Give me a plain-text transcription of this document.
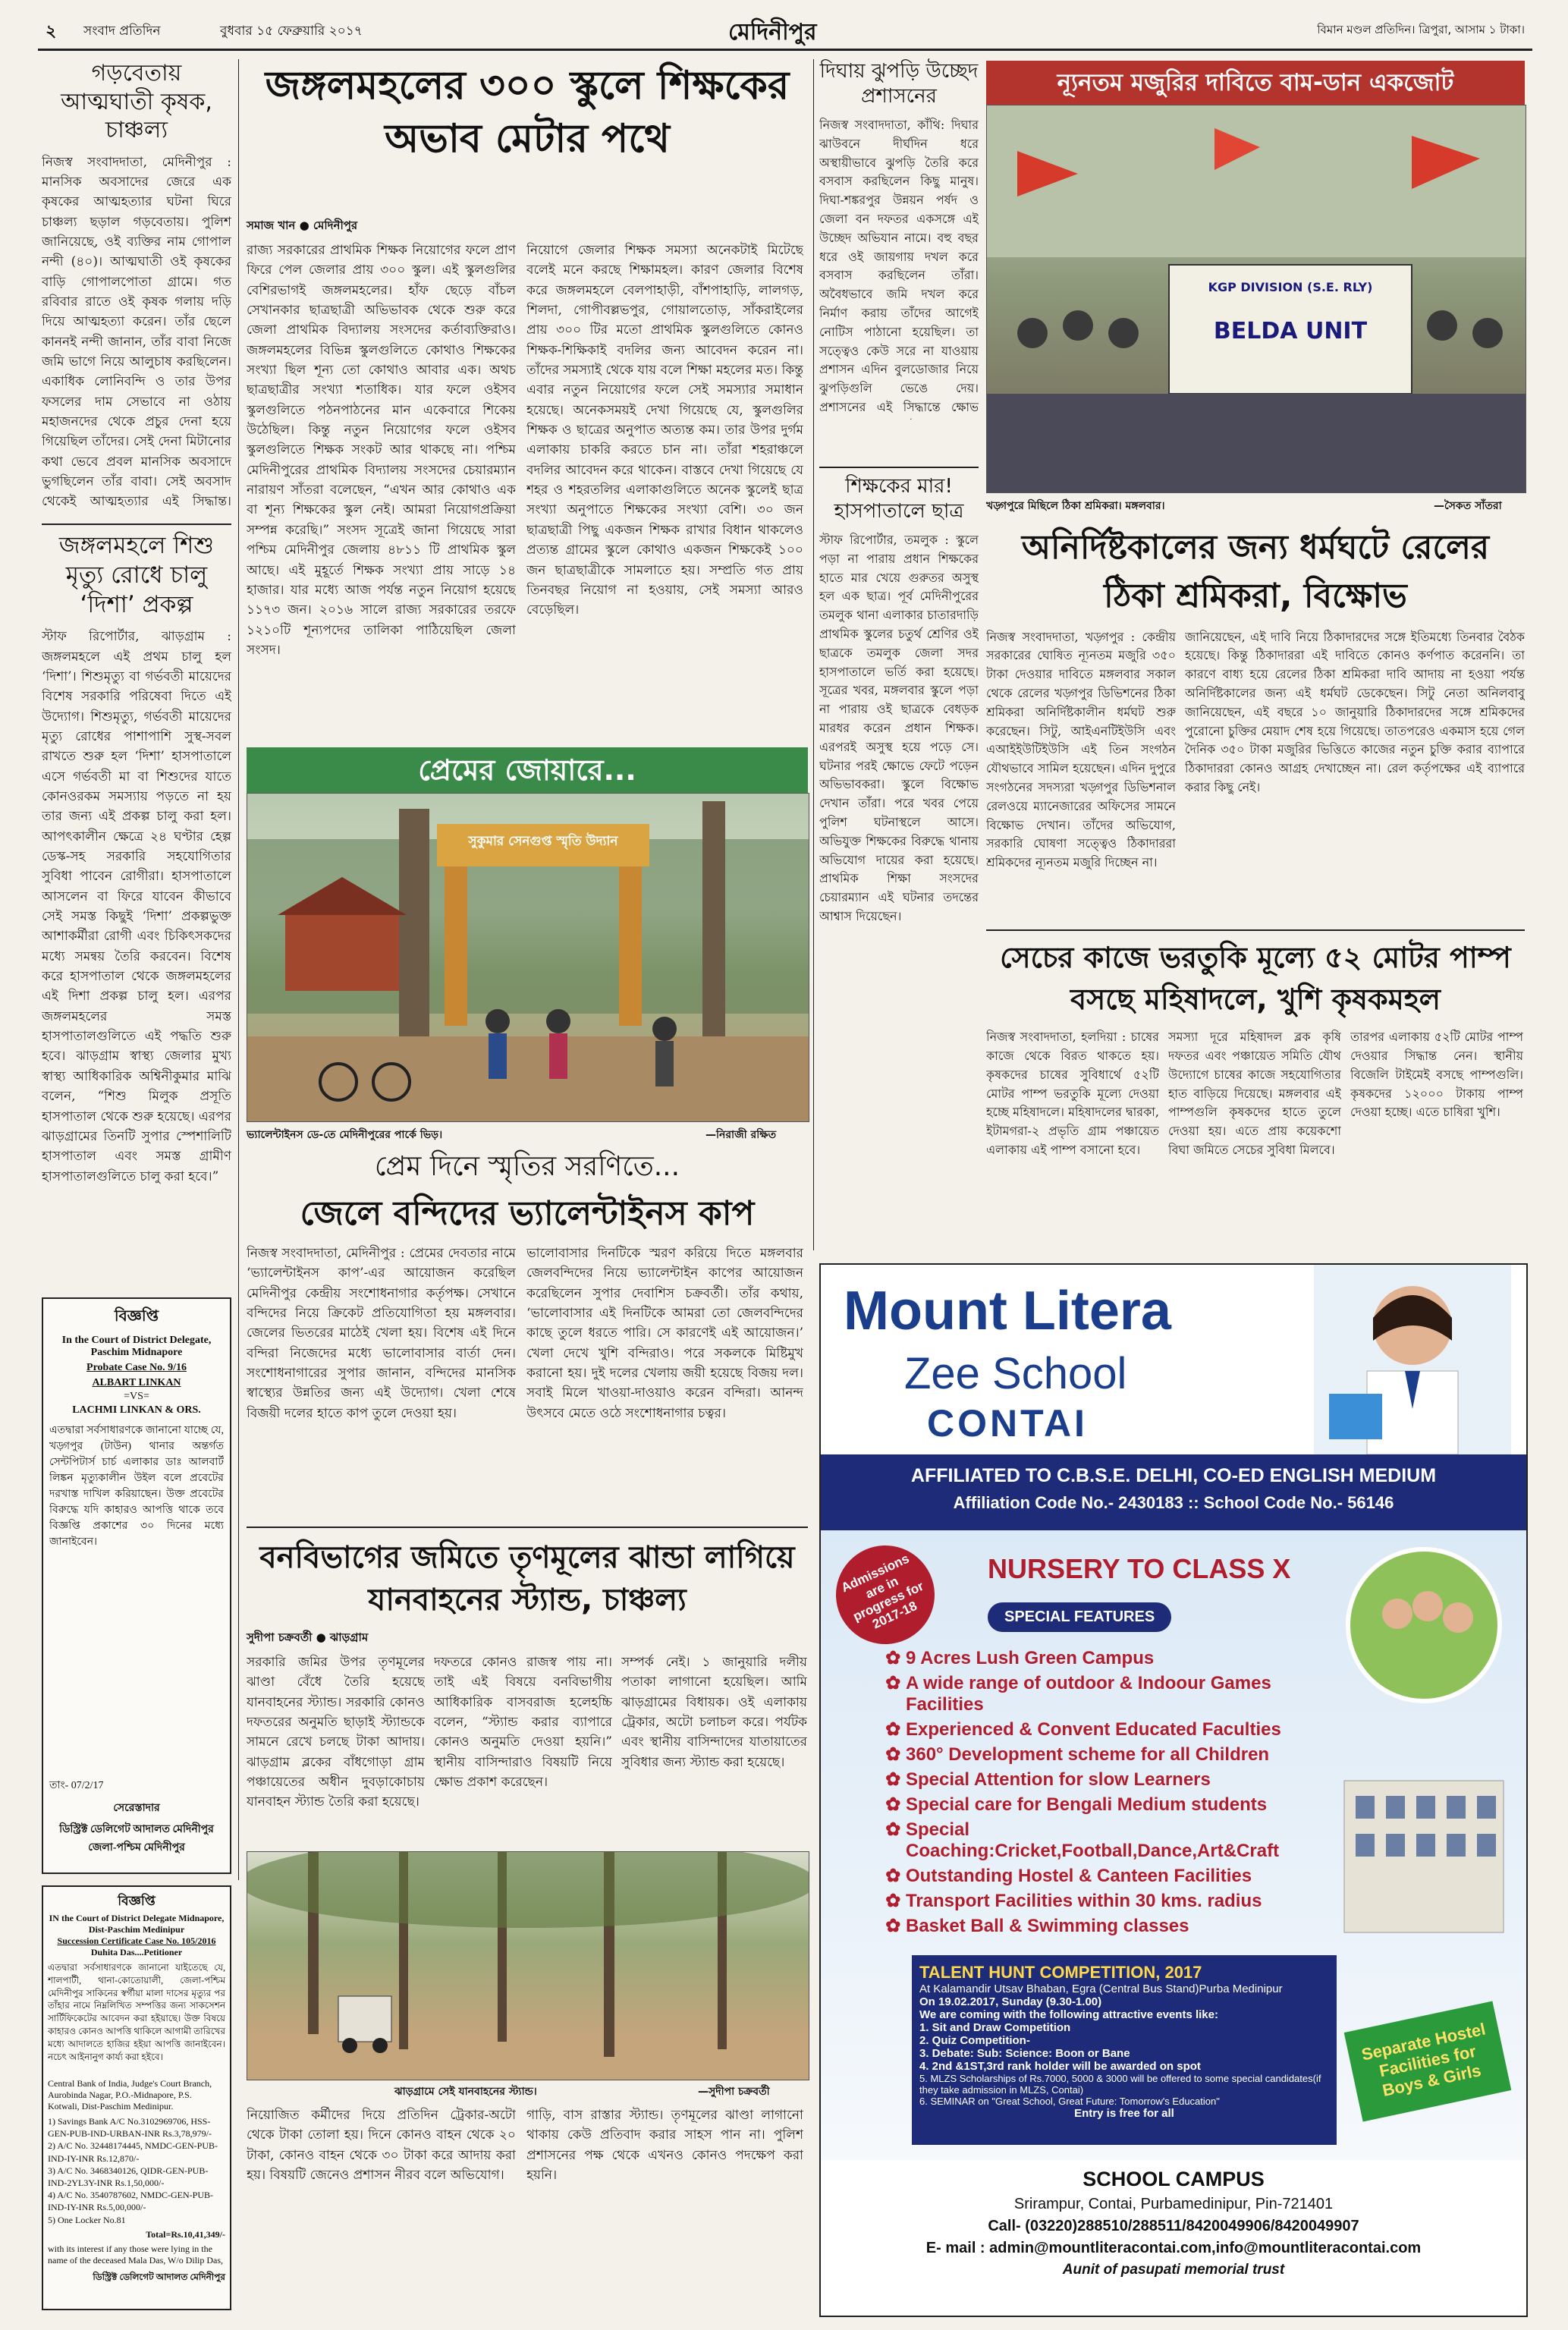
২ সংবাদ প্রতিদিন	বুধবার ১৫ ফেব্রুয়ারি ২০১৭	মেদিনীপুর	বিমান মণ্ডল প্রতিদিন। ত্রিপুরা, আসাম ১ টাকা।
গড়বেতায় আত্মঘাতী কৃষক, চাঞ্চল্য
নিজস্ব সংবাদদাতা, মেদিনীপুর : মানসিক অবসাদের জেরে এক কৃষকের আত্মহত্যার ঘটনা ঘিরে চাঞ্চল্য ছড়াল গড়বেতায়। পুলিশ জানিয়েছে, ওই ব্যক্তির নাম গোপাল নন্দী (৪০)। আত্মঘাতী ওই কৃষকের বাড়ি গোপালপোতা গ্রামে। গত রবিবার রাতে ওই কৃষক গলায় দড়ি দিয়ে আত্মহত্যা করেন। তাঁর ছেলে কাননই নন্দী জানান, তাঁর বাবা নিজে জমি ভাগে নিয়ে আলুচাষ করছিলেন। একাধিক লোনিবন্দি ও তার উপর ফসলের দাম সেভাবে না ওঠায় মহাজনদের থেকে প্রচুর দেনা হয়ে গিয়েছিল তাঁদের। সেই দেনা মিটানোর কথা ভেবে প্রবল মানসিক অবসাদে ভুগছিলেন তাঁর বাবা। সেই অবসাদ থেকেই আত্মহত্যার এই সিদ্ধান্ত।
জঙ্গলমহলে শিশু মৃত্যু রোধে চালু ‘দিশা’ প্রকল্প
স্টাফ রিপোর্টার, ঝাড়গ্রাম : জঙ্গলমহলে এই প্রথম চালু হল ‘দিশা’। শিশুমৃত্যু বা গর্ভবতী মায়েদের বিশেষ সরকারি পরিষেবা দিতে এই উদ্যোগ। শিশুমৃত্যু, গর্ভবতী মায়েদের মৃত্যু রোধের পাশাপাশি সুস্থ-সবল রাখতে শুরু হল ‘দিশা’ হাসপাতালে এসে গর্ভবতী মা বা শিশুদের যাতে কোনওরকম সমস্যায় পড়তে না হয় তার জন্য এই প্রকল্প চালু করা হল। আপৎকালীন ক্ষেত্রে ২৪ ঘণ্টার হেল্প ডেস্ক-সহ সরকারি সহযোগিতার সুবিধা পাবেন রোগীরা। হাসপাতালে আসলেন বা ফিরে যাবেন কীভাবে সেই সমস্ত কিছুই ‘দিশা’ প্রকল্পভুক্ত আশাকর্মীরা রোগী এবং চিকিৎসকদের মধ্যে সমন্বয় তৈরি করবেন। বিশেষ করে হাসপাতাল থেকে জঙ্গলমহলের এই দিশা প্রকল্প চালু হল। এরপর জঙ্গলমহলের সমস্ত হাসপাতালগুলিতে এই পদ্ধতি শুরু হবে। ঝাড়গ্রাম স্বাস্থ্য জেলার মুখ্য স্বাস্থ্য আধিকারিক অশ্বিনীকুমার মাঝি বলেন, “শিশু মিলুক প্রসূতি হাসপাতাল থেকে শুরু হয়েছে। এরপর ঝাড়গ্রামের তিনটি সুপার স্পেশালিটি হাসপাতাল এবং সমস্ত গ্রামীণ হাসপাতালগুলিতে চালু করা হবে।”
বিজ্ঞপ্তি
In the Court of District Delegate, Paschim Midnapore
Probate Case No. 9/16
ALBART LINKAN
=VS=
LACHMI LINKAN & ORS.
এতদ্বারা সর্বসাধারণকে জানানো যাচ্ছে যে, খড়্গপুর (টাউন) থানার অন্তর্গত সেন্টপিটার্স চার্চ এলাকার ডাঃ আলবার্ট লিঙ্কন মৃত্যুকালীন উইল বলে প্রবেটের দরখাস্ত দাখিল করিয়াছেন। উক্ত প্রবেটের বিরুদ্ধে যদি কাহারও আপত্তি থাকে তবে বিজ্ঞপ্তি প্রকাশের ৩০ দিনের মধ্যে জানাইবেন।
তাং- 07/2/17
সেরেস্তাদার
ডিস্ট্রিক্ট ডেলিগেট আদালত মেদিনীপুর জেলা-পশ্চিম মেদিনীপুর
জঙ্গলমহলের ৩০০ স্কুলে শিক্ষকের অভাব মেটার পথে
সমাজ খান ● মেদিনীপুর
রাজ্য সরকারের প্রাথমিক শিক্ষক নিয়োগের ফলে প্রাণ ফিরে পেল জেলার প্রায় ৩০০ স্কুল। এই স্কুলগুলির বেশিরভাগই জঙ্গলমহলের। হাঁফ ছেড়ে বাঁচল সেখানকার ছাত্রছাত্রী অভিভাবক থেকে শুরু করে জেলা প্রাথমিক বিদ্যালয় সংসদের কর্তাব্যক্তিরাও। জঙ্গলমহলের বিভিন্ন স্কুলগুলিতে কোথাও শিক্ষকের সংখ্যা ছিল শূন্য তো কোথাও আবার এক। অথচ ছাত্রছাত্রীর সংখ্যা শতাধিক। যার ফলে ওইসব স্কুলগুলিতে পঠনপাঠনের মান একেবারে শিকেয় উঠেছিল। কিন্তু নতুন নিয়োগের ফলে ওইসব স্কুলগুলিতে শিক্ষক সংকট আর থাকছে না। পশ্চিম মেদিনীপুরের প্রাথমিক বিদ্যালয় সংসদের চেয়ারম্যান নারায়ণ সাঁতরা বলেছেন, “এখন আর কোথাও এক বা শূন্য শিক্ষকের স্কুল নেই। আমরা নিয়োগপ্রক্রিয়া সম্পন্ন করেছি।” সংসদ সূত্রেই জানা গিয়েছে সারা পশ্চিম মেদিনীপুর জেলায় ৪৮১১ টি প্রাথমিক স্কুল আছে। এই মুহূর্তে শিক্ষক সংখ্যা প্রায় সাড়ে ১৪ হাজার। যার মধ্যে আজ পর্যন্ত নতুন নিয়োগ হয়েছে ১১৭৩ জন। ২০১৬ সালে রাজ্য সরকারের তরফে ১২১০টি শূন্যপদের তালিকা পাঠিয়েছিল জেলা সংসদ।
নিয়োগে জেলার শিক্ষক সমস্যা অনেকটাই মিটেছে বলেই মনে করছে শিক্ষামহল। কারণ জেলার বিশেষ করে জঙ্গলমহলে বেলপাহাড়ী, বাঁশপাহাড়ি, লালগড়, শিলদা, গোপীবল্লভপুর, গোয়ালতোড়, সাঁকরাইলের প্রায় ৩০০ টির মতো প্রাথমিক স্কুলগুলিতে কোনও শিক্ষক-শিক্ষিকাই বদলির জন্য আবেদন করেন না। তাঁদের সমস্যাই থেকে যায় বলে শিক্ষা মহলের মত। কিন্তু এবার নতুন নিয়োগের ফলে সেই সমস্যার সমাধান হয়েছে। অনেকসময়ই দেখা গিয়েছে যে, স্কুলগুলির শিক্ষক ও ছাত্রের অনুপাত অত্যন্ত কম। তার উপর দুর্গম এলাকায় চাকরি করতে চান না। তাঁরা শহরাঞ্চলে বদলির আবেদন করে থাকেন। বাস্তবে দেখা গিয়েছে যে শহর ও শহরতলির এলাকাগুলিতে অনেক স্কুলেই ছাত্র সংখ্যা অনুপাতে শিক্ষকের সংখ্যা বেশি। ৩০ জন ছাত্রছাত্রী পিছু একজন শিক্ষক রাখার বিধান থাকলেও প্রত্যন্ত গ্রামের স্কুলে কোথাও একজন শিক্ষকেই ১০০ জন ছাত্রছাত্রীকে সামলাতে হয়। সম্প্রতি গত প্রায় তিনবছর নিয়োগ না হওয়ায়, সেই সমস্যা আরও বেড়েছিল।
প্রেমের জোয়ারে...
সুকুমার সেনগুপ্ত স্মৃতি উদ্যান
ভ্যালেন্টাইনস ডে-তে মেদিনীপুরের পার্কে ভিড়।	—নিরাজী রক্ষিত
প্রেম দিনে স্মৃতির সরণিতে...
জেলে বন্দিদের ভ্যালেন্টাইনস কাপ
নিজস্ব সংবাদদাতা, মেদিনীপুর : প্রেমের দেবতার নামে ‘ভ্যালেন্টাইনস কাপ’-এর আয়োজন করেছিল মেদিনীপুর কেন্দ্রীয় সংশোধনাগার কর্তৃপক্ষ। সেখানে বন্দিদের নিয়ে ক্রিকেট প্রতিযোগিতা হয় মঙ্গলবার। জেলের ভিতরের মাঠেই খেলা হয়। বিশেষ এই দিনে বন্দিরা নিজেদের মধ্যে ভালোবাসার বার্তা দেন। সংশোধনাগারের সুপার জানান, বন্দিদের মানসিক স্বাস্থ্যের উন্নতির জন্য এই উদ্যোগ। খেলা শেষে বিজয়ী দলের হাতে কাপ তুলে দেওয়া হয়।
ভালোবাসার দিনটিকে স্মরণ করিয়ে দিতে মঙ্গলবার জেলবন্দিদের নিয়ে ভ্যালেন্টাইন কাপের আয়োজন করেছিলেন সুপার দেবাশিস চক্রবর্তী। তাঁর কথায়, ‘ভালোবাসার এই দিনটিকে আমরা তো জেলবন্দিদের কাছে তুলে ধরতে পারি। সে কারণেই এই আয়োজন।’ খেলা দেখে খুশি বন্দিরাও। পরে সকলকে মিষ্টিমুখ করানো হয়। দুই দলের খেলায় জয়ী হয়েছে বিজয় দল। সবাই মিলে খাওয়া-দাওয়াও করেন বন্দিরা। আনন্দ উৎসবে মেতে ওঠে সংশোধনাগার চত্বর।
বনবিভাগের জমিতে তৃণমূলের ঝান্ডা লাগিয়ে যানবাহনের স্ট্যান্ড, চাঞ্চল্য
সুদীপা চক্রবর্তী ● ঝাড়গ্রাম
সরকারি জমির উপর তৃণমূলের ঝাণ্ডা বেঁধে তৈরি হয়েছে যানবাহনের স্ট্যান্ড। সরকারি কোনও দফতরের অনুমতি ছাড়াই স্ট্যান্ডকে সামনে রেখে চলছে টাকা আদায়। ঝাড়গ্রাম ব্লকের বাঁধগোড়া গ্রাম পঞ্চায়েতের অধীন দুবড়াকোচায় যানবাহন স্ট্যান্ড তৈরি করা হয়েছে।
দফতরে কোনও রাজস্ব পায় না। তাই এই বিষয়ে বনবিভাগীয় আধিকারিক বাসবরাজ হলেহচ্চি বলেন, “স্ট্যান্ড করার ব্যাপারে কোনও অনুমতি দেওয়া হয়নি।” স্থানীয় বাসিন্দারাও বিষয়টি নিয়ে ক্ষোভ প্রকাশ করেছেন।
সম্পর্ক নেই। ১ জানুয়ারি দলীয় পতাকা লাগানো হয়েছিল। আমি ঝাড়গ্রামের বিধায়ক। ওই এলাকায় ট্রেকার, অটো চলাচল করে। পর্যটক এবং স্থানীয় বাসিন্দাদের যাতায়াতের সুবিধার জন্য স্ট্যান্ড করা হয়েছে।
ঝাড়গ্রামে সেই যানবাহনের স্ট্যান্ড।	—সুদীপা চক্রবর্তী
নিয়োজিত কর্মীদের দিয়ে প্রতিদিন ট্রেকার-অটো থেকে টাকা তোলা হয়। দিনে কোনও বাহন থেকে ২০ টাকা, কোনও বাহন থেকে ৩০ টাকা করে আদায় করা হয়। বিষয়টি জেনেও প্রশাসন নীরব বলে অভিযোগ।
গাড়ি, বাস রাস্তার স্ট্যান্ড। তৃণমূলের ঝাণ্ডা লাগানো থাকায় কেউ প্রতিবাদ করার সাহস পান না। পুলিশ প্রশাসনের পক্ষ থেকে এখনও কোনও পদক্ষেপ করা হয়নি।
বিজ্ঞপ্তি
IN the Court of District Delegate Midnapore, Dist-Paschim Medinipur
Succession Certificate Case No. 105/2016
Duhita Das....Petitioner
এতদ্বারা সর্বসাধারণকে জানানো যাইতেছে যে, শালপাটী, থানা-কোতোয়ালী, জেলা-পশ্চিম মেদিনীপুর সাকিনের স্বর্গীয়া মালা দাসের মৃত্যুর পর তাঁহার নামে নিম্নলিখিত সম্পত্তির জন্য সাকসেশন সার্টিফিকেটের আবেদন করা হইয়াছে। উক্ত বিষয়ে কাহারও কোনও আপত্তি থাকিলে আগামী তারিখের মধ্যে আদালতে হাজির হইয়া আপত্তি জানাইবেন। নচেৎ আইনানুগ কার্য্য করা হইবে।
Central Bank of India, Judge's Court Branch, Aurobinda Nagar, P.O.-Midnapore, P.S. Kotwali, Dist-Paschim Medinipur.
1) Savings Bank A/C No.3102969706, HSS-GEN-PUB-IND-URBAN-INR Rs.3,78,979/-
2) A/C No. 32448174445, NMDC-GEN-PUB-IND-IY-INR Rs.12,870/-
3) A/C No. 3468340126, QIDR-GEN-PUB-IND-2YL3Y-INR Rs.1,50,000/-
4) A/C No. 3540787602, NMDC-GEN-PUB-IND-IY-INR Rs.5,00,000/-
5) One Locker No.81
Total=Rs.10,41,349/-
with its interest if any those were lying in the name of the deceased Mala Das, W/o Dilip Das,
ডিস্ট্রিক্ট ডেলিগেট আদালত মেদিনীপুর
দিঘায় ঝুপড়ি উচ্ছেদ প্রশাসনের
নিজস্ব সংবাদদাতা, কাঁথি: দিঘার ঝাউবনে দীর্ঘদিন ধরে অস্থায়ীভাবে ঝুপড়ি তৈরি করে বসবাস করছিলেন কিছু মানুষ। দিঘা-শঙ্করপুর উন্নয়ন পর্ষদ ও জেলা বন দফতর একসঙ্গে এই উচ্ছেদ অভিযান নামে। বহু বছর ধরে ওই জায়গায় দখল করে বসবাস করছিলেন তাঁরা। অবৈধভাবে জমি দখল করে নির্মাণ করায় তাঁদের আগেই নোটিস পাঠানো হয়েছিল। তা সত্ত্বেও কেউ সরে না যাওয়ায় প্রশাসন এদিন বুলডোজার নিয়ে ঝুপড়িগুলি ভেঙে দেয়। প্রশাসনের এই সিদ্ধান্তে ক্ষোভ
শিক্ষকের মার! হাসপাতালে ছাত্র
স্টাফ রিপোর্টার, তমলুক : স্কুলে পড়া না পারায় প্রধান শিক্ষকের হাতে মার খেয়ে গুরুতর অসুস্থ হল এক ছাত্র। পূর্ব মেদিনীপুরের তমলুক থানা এলাকার চাতারদাড়ি প্রাথমিক স্কুলের চতুর্থ শ্রেণির ওই ছাত্রকে তমলুক জেলা সদর হাসপাতালে ভর্তি করা হয়েছে। সূত্রের খবর, মঙ্গলবার স্কুলে পড়া না পারায় ওই ছাত্রকে বেধড়ক মারধর করেন প্রধান শিক্ষক। এরপরই অসুস্থ হয়ে পড়ে সে। ঘটনার পরই ক্ষোভে ফেটে পড়েন অভিভাবকরা। স্কুলে বিক্ষোভ দেখান তাঁরা। পরে খবর পেয়ে পুলিশ ঘটনাস্থলে আসে। অভিযুক্ত শিক্ষকের বিরুদ্ধে থানায় অভিযোগ দায়ের করা হয়েছে। প্রাথমিক শিক্ষা সংসদের চেয়ারম্যান এই ঘটনার তদন্তের আশ্বাস দিয়েছেন।
ন্যূনতম মজুরির দাবিতে বাম-ডান একজোট
KGP DIVISION (S.E. RLY)
BELDA UNIT
খড়্গপুরে মিছিলে ঠিকা শ্রমিকরা। মঙ্গলবার।	—সৈকত সাঁতরা
অনির্দিষ্টকালের জন্য ধর্মঘটে রেলের ঠিকা শ্রমিকরা, বিক্ষোভ
নিজস্ব সংবাদদাতা, খড়্গপুর : কেন্দ্রীয় সরকারের ঘোষিত ন্যূনতম মজুরি ৩৫০ টাকা দেওয়ার দাবিতে মঙ্গলবার সকাল থেকে রেলের খড়্গপুর ডিভিশনের ঠিকা শ্রমিকরা অনির্দিষ্টকালীন ধর্মঘট শুরু করেছেন। সিটু, আইএনটিইউসি এবং এআইইউটিইউসি এই তিন সংগঠন যৌথভাবে সামিল হয়েছেন। এদিন দুপুরে সংগঠনের সদস্যরা খড়্গপুর ডিভিশনাল রেলওয়ে ম্যানেজারের অফিসের সামনে বিক্ষোভ দেখান। তাঁদের অভিযোগ, সরকারি ঘোষণা সত্ত্বেও ঠিকাদাররা শ্রমিকদের ন্যূনতম মজুরি দিচ্ছেন না।
জানিয়েছেন, এই দাবি নিয়ে ঠিকাদারদের সঙ্গে ইতিমধ্যে তিনবার বৈঠক হয়েছে। কিন্তু ঠিকাদাররা এই দাবিতে কোনও কর্ণপাত করেননি। তা কারণে বাধ্য হয়ে রেলের ঠিকা শ্রমিকরা দাবি আদায় না হওয়া পর্যন্ত অনির্দিষ্টকালের জন্য এই ধর্মঘট ডেকেছেন। সিটু নেতা অনিলবাবু জানিয়েছেন, এই বছরে ১০ জানুয়ারি ঠিকাদারদের সঙ্গে শ্রমিকদের পুরোনো চুক্তির মেয়াদ শেষ হয়ে গিয়েছে। তাতপরেও একমাস হয়ে গেল দৈনিক ৩৫০ টাকা মজুরির ভিত্তিতে কাজের নতুন চুক্তি করার ব্যাপারে ঠিকাদাররা কোনও আগ্রহ দেখাচ্ছেন না। রেল কর্তৃপক্ষের এই ব্যাপারে করার কিছু নেই।
সেচের কাজে ভরতুকি মূল্যে ৫২ মোটর পাম্প বসছে মহিষাদলে, খুশি কৃষকমহল
নিজস্ব সংবাদদাতা, হলদিয়া : চাষের কাজে থেকে বিরত থাকতে হয়। কৃষকদের চাষের সুবিধার্থে ৫২টি মোটর পাম্প ভরতুকি মূল্যে দেওয়া হচ্ছে মহিষাদলে। মহিষাদলের দ্বারকা, ইটামগরা-২ প্রভৃতি গ্রাম পঞ্চায়েত এলাকায় এই পাম্প বসানো হবে।
সমস্যা দূরে মহিষাদল ব্লক কৃষি দফতর এবং পঞ্চায়েত সমিতি যৌথ উদ্যোগে চাষের কাজে সহযোগিতার হাত বাড়িয়ে দিয়েছে। মঙ্গলবার এই পাম্পগুলি কৃষকদের হাতে তুলে দেওয়া হয়। এতে প্রায় কয়েকশো বিঘা জমিতে সেচের সুবিধা মিলবে।
তারপর এলাকায় ৫২টি মোটর পাম্প দেওয়ার সিদ্ধান্ত নেন। স্থানীয় বিজেলি টাইমেই বসছে পাম্পগুলি। কৃষকদের ১২০০০ টাকায় পাম্প দেওয়া হচ্ছে। এতে চাষিরা খুশি।
Mount Litera
Zee School
CONTAI
AFFILIATED TO C.B.S.E. DELHI, CO-ED ENGLISH MEDIUM
Affiliation Code No.- 2430183 :: School Code No.- 56146
Admissions are in progress for 2017-18
NURSERY TO CLASS X
SPECIAL FEATURES
✿ 9 Acres Lush Green Campus
✿ A wide range of outdoor & Indoour Games Facilities
✿ Experienced & Convent Educated Faculties
✿ 360° Development scheme for all Children
✿ Special Attention for slow Learners
✿ Special care for Bengali Medium students
✿ Special Coaching:Cricket,Football,Dance,Art&Craft
✿ Outstanding Hostel & Canteen Facilities
✿ Transport Facilities within 30 kms. radius
✿ Basket Ball & Swimming classes
TALENT HUNT COMPETITION, 2017
At Kalamandir Utsav Bhaban, Egra (Central Bus Stand)Purba Medinipur
On 19.02.2017, Sunday (9.30-1.00)
We are coming with the following attractive events like:
1. Sit and Draw Competition
2. Quiz Competition-
3. Debate: Sub: Science: Boon or Bane
4. 2nd &1ST,3rd rank holder will be awarded on spot
5. MLZS Scholarships of Rs.7000, 5000 & 3000 will be offered to some special candidates(if they take admission in MLZS, Contai)
6. SEMINAR on "Great School, Great Future: Tomorrow's Education"
Entry is free for all
Separate Hostel Facilities for Boys & Girls
SCHOOL CAMPUS
Srirampur, Contai, Purbamedinipur, Pin-721401
Call- (03220)288510/288511/8420049906/8420049907
E- mail : admin@mountliteracontai.com,info@mountliteracontai.com
Aunit of pasupati memorial trust
